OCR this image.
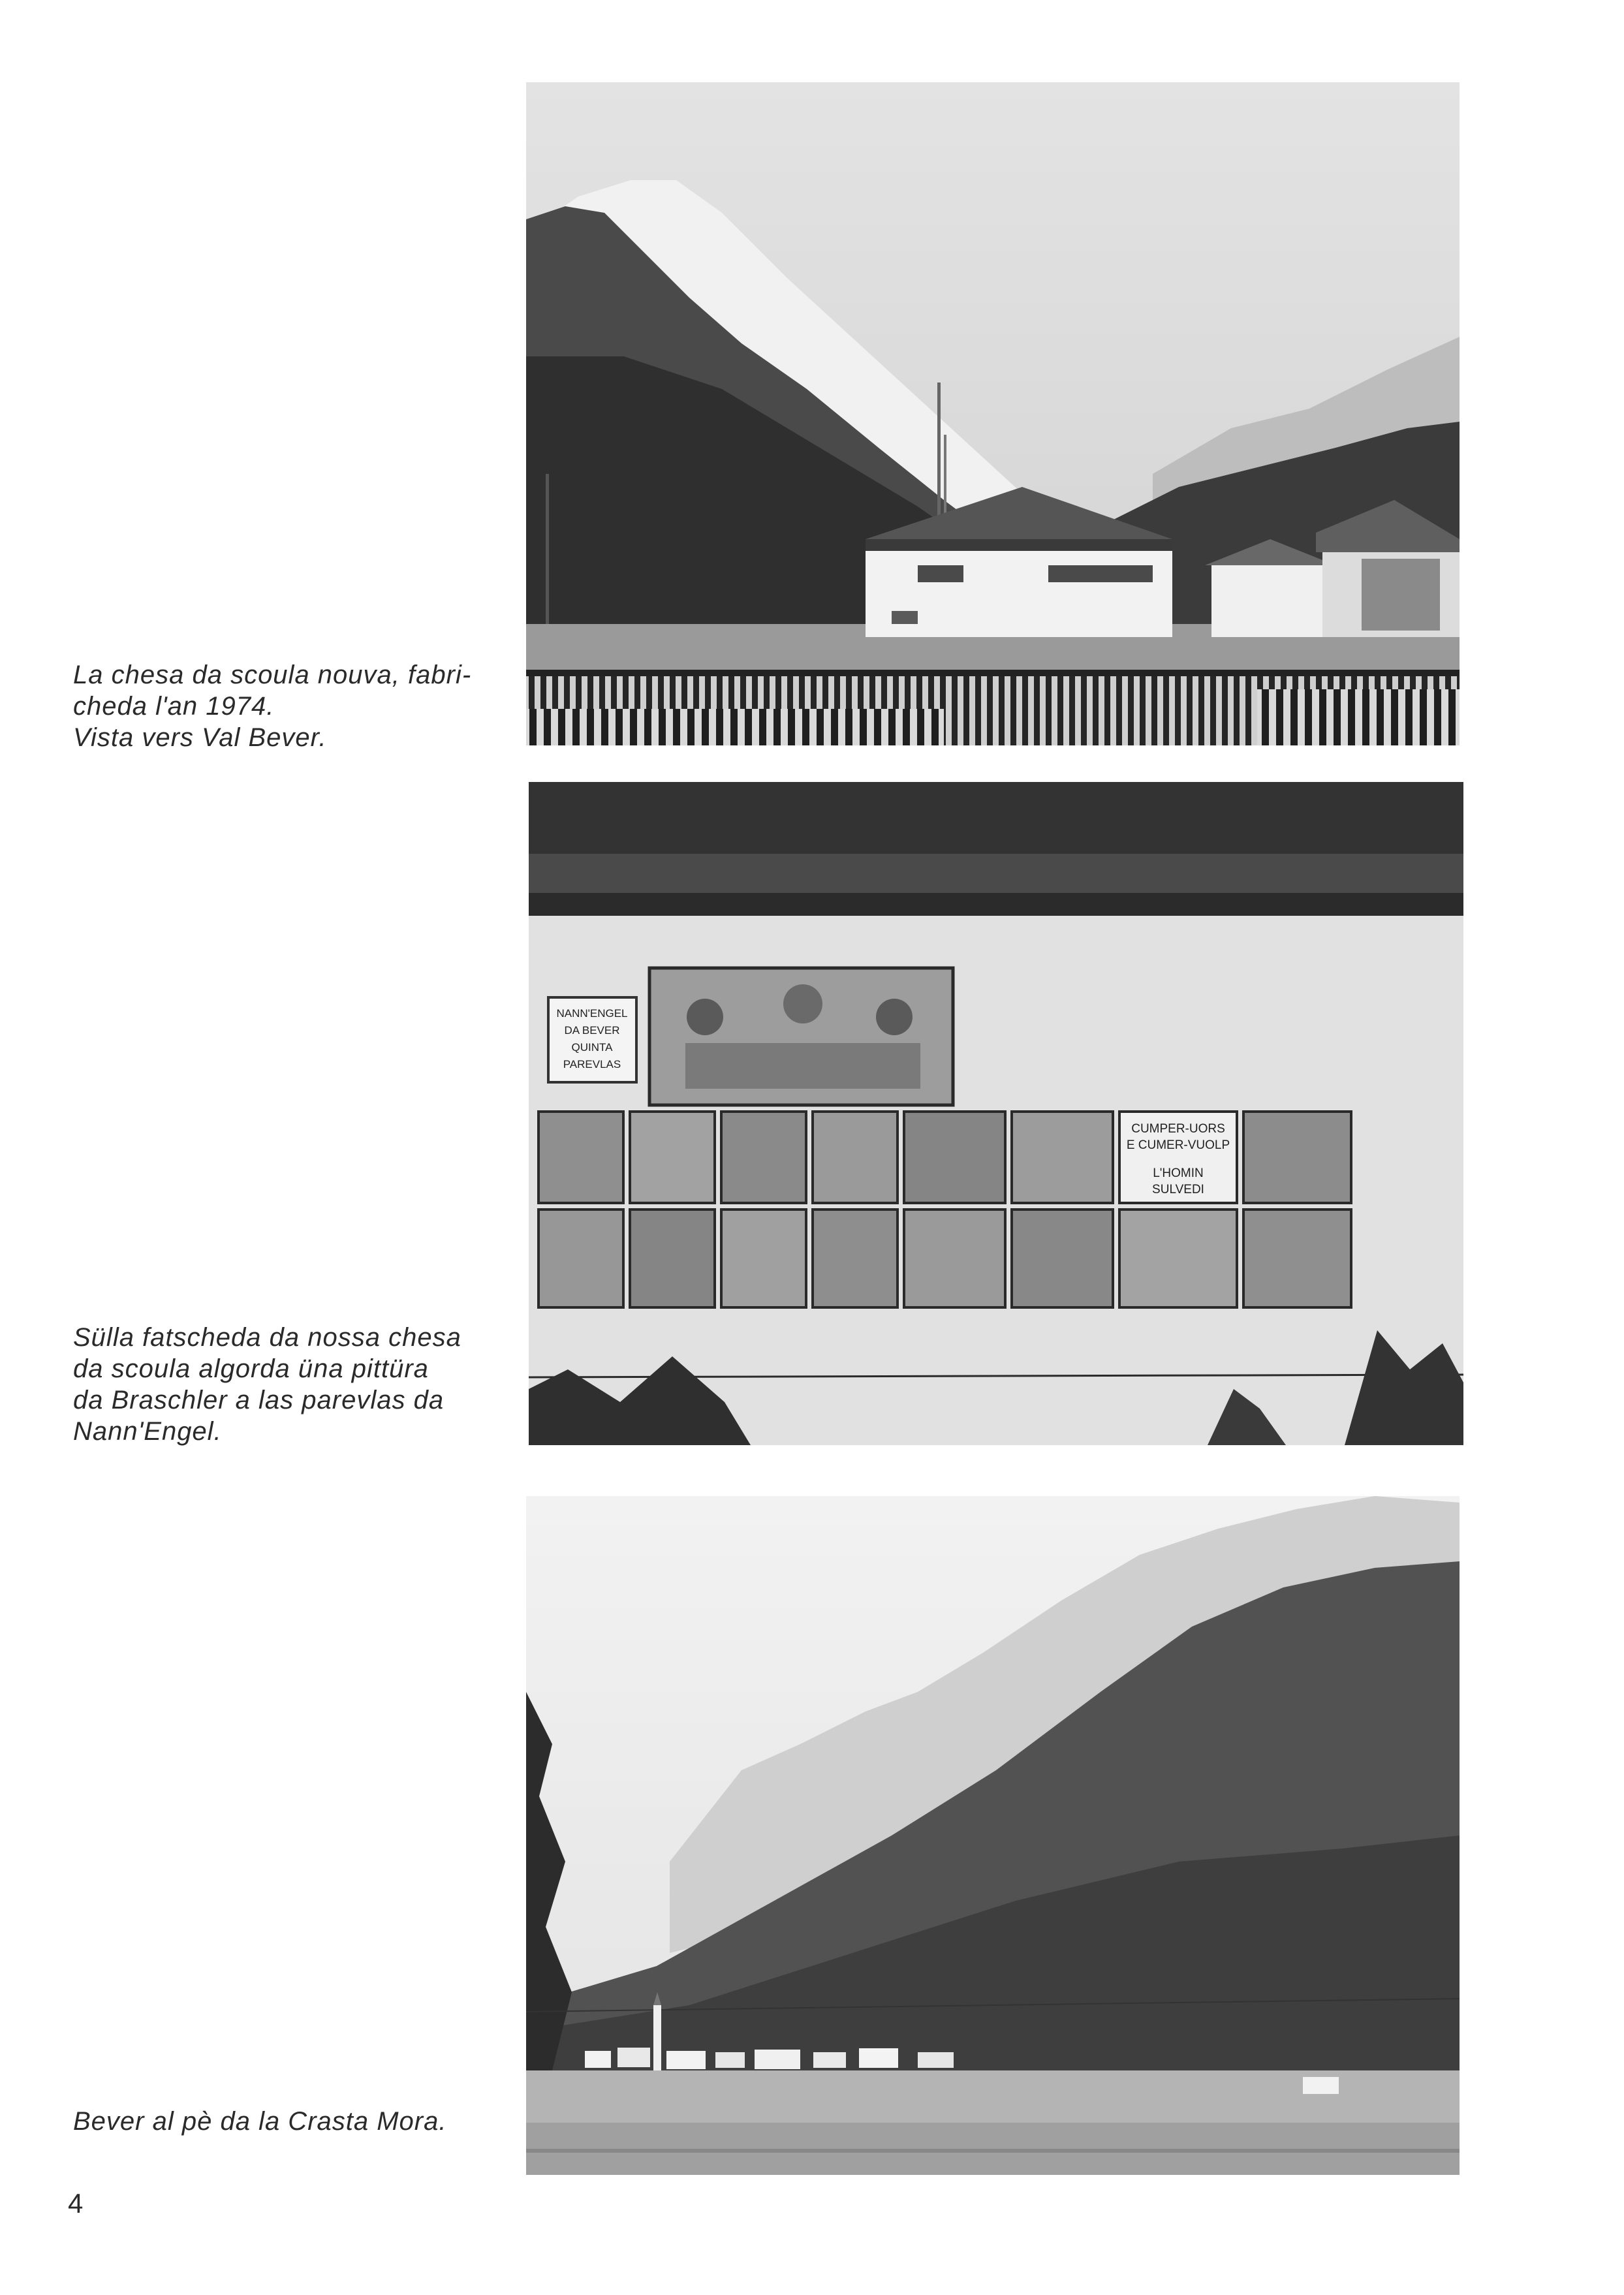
La chesa da scoula nouva, fabri-
cheda l'an 1974.
Vista vers Val Bever.

Sülla fatscheda da nossa chesa
da scoula algorda üna pittüra
da Braschler a las parevlas da
Nann'Engel.

NANN'ENGEL
DA BEVER
QUINTA
PAREVLAS
CUMPER-UORS
E CUMER-VUOLP
L'HOMIN
SULVEDI

Bever al pè da la Crasta Mora.

4
